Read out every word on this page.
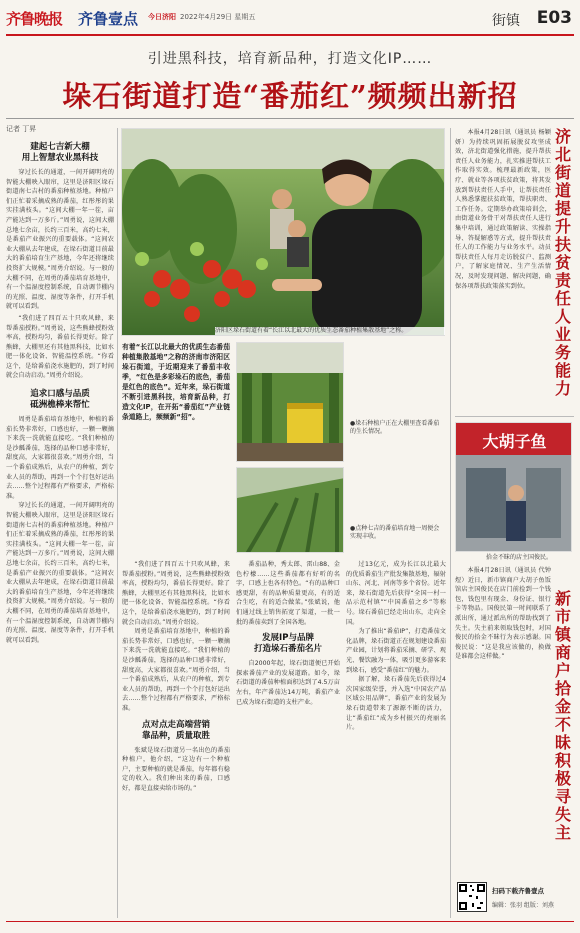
齐鲁晚报 齐鲁壹点 今日济阳 2022年4月29日 星期五	街镇 E03
引进黑科技，培育新品种，打造文化IP……
垛石街道打造“番茄红”频频出新招
记者 丁昇
建起七吉新大棚
用上智慧农业黑科技
穿过长长的通道，一间开阔明亮的智能大棚映入眼帘，这里是济阳区垛石街道南七吉村的番茄种植基地。种植户们正忙着采摘成熟的番茄，红彤彤的果实挂满枝头。“这间大棚一年一茬，亩产能达到一万多斤。”周勇说，这间大棚总地七余亩，长约三百米，高约七米，是番茄产业振兴的重要载体。“这间农业大棚从去年建成，在垛石街道目前最大的番茄培育生产基地，今年还将继续投资扩大规模。”周勇介绍说。与一般的大棚不同，在周勇的番茄培育基地中，有一个温湿度控制系统，自动调节棚内的光照、温度、湿度等条件，打开手机就可以看到。
“我们进了四百五十只吹风蜂，来帮番茄授粉。”周勇说，这些熊蜂授粉效率高，授粉均匀，番茄长得更好。除了熊蜂，大棚里还有其他黑科技，比如水肥一体化设备、智能温控系统。“你看这个，是给番茄浇水施肥的，到了时间就会自动启动。”周勇介绍说。
追求口感与品质
砥洲樵棒来帮忙
周勇是番茄培育基地中，种植的番茄长势非常好，口感也好，一颗一颗摘下来洗一洗就能直接吃。“我们种植的是沙瓤番茄，选择的品种口感非常好，甜度高，大家都很喜欢。”周勇介绍，当一个番茄成熟后，从农户的种植，到专业人员的帮助，再到一个个打包好运出去……整个过程都有严格要求，严格标准。
穿过长长的通道，一间开阔明亮的智能大棚映入眼帘，这里是济阳区垛石街道南七吉村的番茄种植基地。种植户们正忙着采摘成熟的番茄，红彤彤的果实挂满枝头。“这间大棚一年一茬，亩产能达到一万多斤。”周勇说，这间大棚总地七余亩，长约三百米，高约七米，是番茄产业振兴的重要载体。“这间农业大棚从去年建成，在垛石街道目前最大的番茄培育生产基地，今年还将继续投资扩大规模。”周勇介绍说。与一般的大棚不同，在周勇的番茄培育基地中，有一个温湿度控制系统，自动调节棚内的光照、温度、湿度等条件，打开手机就可以看到。
济阳区垛石街道有着“长江以北最大的优质生态番茄种植集散基地”之称。
有着“长江以北最大的优质生态番茄种植集散基地”之称的济南市济阳区垛石街道，于近期迎来了番茄丰收季，“红色是多彩垛石的底色，番茄是红色的底色”。近年来，垛石街道不断引进黑科技，培育新品种，打造文化IP，在开拓“番茄红”产业链条道路上，频频新“招”。
●垛石种植户正在大棚里查看番茄的生长情况。
●点种七吉的番茄培育地一周便会实现丰收。
“我们进了四百五十只吹风蜂，来帮番茄授粉。”周勇说，这些熊蜂授粉效率高，授粉均匀，番茄长得更好。除了熊蜂，大棚里还有其他黑科技，比如水肥一体化设备、智能温控系统。“你看这个，是给番茄浇水施肥的，到了时间就会自动启动。”周勇介绍说。
周勇是番茄培育基地中，种植的番茄长势非常好，口感也好，一颗一颗摘下来洗一洗就能直接吃。“我们种植的是沙瓤番茄，选择的品种口感非常好，甜度高，大家都很喜欢。”周勇介绍，当一个番茄成熟后，从农户的种植，到专业人员的帮助，再到一个个打包好运出去……整个过程都有严格要求，严格标准。
点对点走高端营销
靠品种，质量取胜
张斌是垛石街道另一名出色的番茄种植户，他介绍，“这边有一个种植户，主要种植的就是番茄，每年都有稳定的收入。我们种出来的番茄，口感好，都是直接卖给市场的。”
番茄品种，秀太郎、雷山88、金色柠檬……这些番茄都有好听的名字，口感上也各有特色。“有的品种口感更甜，有的品种质量更高，有的适合生吃，有的适合做菜。”张斌说，他们通过线上销售拓宽了渠道，一批一批的番茄卖到了全国各地。
发展IP与品牌
打造垛石番茄名片
自2000年起，垛石街道便已开始探索番茄产业的发展道路。如今，垛石街道的番茄种植面积达到了4.5万亩左右，年产番茄达14万吨，番茄产业已成为垛石街道的支柱产业。
过13亿元，成为长江以北最大的优质番茄生产批发集散基地，辐射山东、河北、河南等多个省份。近年来，垛石街道先后获得“全国一村一品示范村镇”“中国番茄之乡”等称号。垛石番茄已经走出山东，走向全国。
为了推出“番茄IP”，打造番茄文化品牌，垛石街道正在规划建设番茄产业园，计划将番茄采摘、研学、观光、餐饮融为一体，吸引更多游客来到垛石，感受“番茄红”的魅力。
据了解，垛石番茄先后获得过4次国家级荣誉，并入选“中国农产品区域公用品牌”，番茄产业的发展为垛石街道带来了源源不断的活力，让“番茄红”成为乡村振兴的亮丽名片。
本报4月28日讯（通讯员 杨颖妍）为持续巩固拓展脱贫攻坚成效，济北街道强化措施，提升帮扶责任人业务能力，扎实推进帮扶工作取得实效。梳理最新政策，医疗、就业等各项扶贫政策，将其发放到帮扶责任人手中，让帮扶责任人熟悉掌握扶贫政策，帮扶职责、工作任务。定期举办政策培训会，由街道业务骨干对帮扶责任人进行集中培训，通过政策解读、实操指导、答疑解惑等方式，提升帮扶责任人的工作能力与业务水平。动员帮扶责任人每月走访脱贫户、监测户，了解家庭情况、生产生活情况，及时发现问题、解决问题，确保各项帮扶政策落实到位。
济北街道提升扶贫责任人业务能力
大胡子鱼
拾金不昧的店主国俊民。
本报4月28日讯（通讯员 代钟煜）近日，新市镇商户大胡子鱼饭馆店主国俊民在店门前捡到一个钱包，钱包里有现金、身份证、银行卡等物品。国俊民第一时间联系了派出所，通过派出所的帮助找到了失主。失主前来领取钱包时，对国俊民的拾金不昧行为表示感谢。国俊民说：“这是我应该做的，换做是谁都会这样做。”
新市镇商户拾金不昧积极寻失主
扫码下载齐鲁壹点
编辑：张羽 组版：刘燕
